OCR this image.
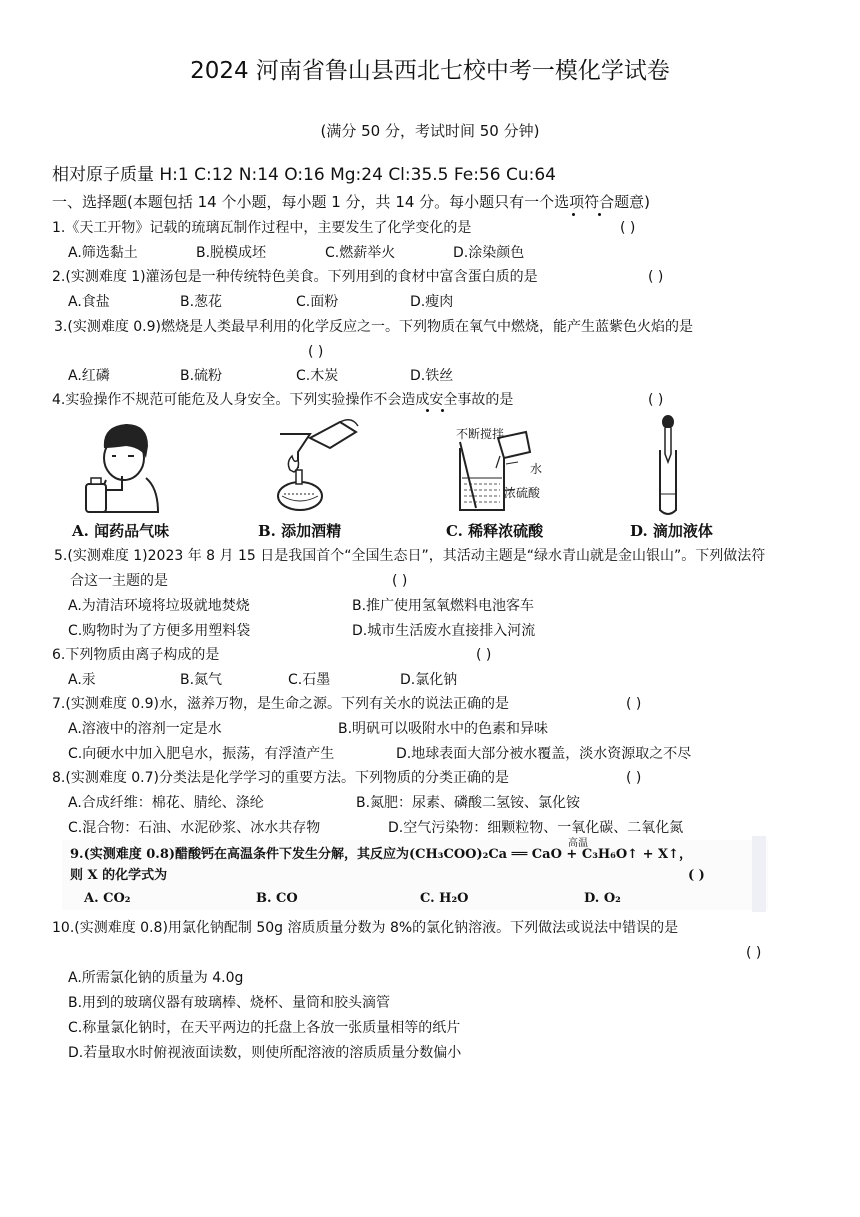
2024 河南省鲁山县西北七校中考一模化学试卷
(满分 50 分，考试时间 50 分钟)
相对原子质量 H:1 C:12 N:14 O:16 Mg:24 Cl:35.5 Fe:56 Cu:64
一、选择题(本题包括 14 个小题，每小题 1 分，共 14 分。每小题只有一个选项符合题意)
1.《天工开物》记载的琉璃瓦制作过程中，主要发生了化学变化的是	( )
A.筛选黏土	B.脱模成坯	C.燃薪举火	D.涂染颜色
2.(实测难度 1)灌汤包是一种传统特色美食。下列用到的食材中富含蛋白质的是	( )
A.食盐	B.葱花	C.面粉	D.瘦肉
3.(实测难度 0.9)燃烧是人类最早利用的化学反应之一。下列物质在氧气中燃烧，能产生蓝紫色火焰的是
( )
A.红磷	B.硫粉	C.木炭	D.铁丝
4.实验操作不规范可能危及人身安全。下列实验操作不会造成安全事故的是	( )
A. 闻药品气味	B. 添加酒精
不断搅拌
水
浓硫酸
C. 稀释浓硫酸	D. 滴加液体
5.(实测难度 1)2023 年 8 月 15 日是我国首个“全国生态日”，其活动主题是“绿水青山就是金山银山”。下列做法符
合这一主题的是	( )
A.为清洁环境将垃圾就地焚烧	B.推广使用氢氧燃料电池客车
C.购物时为了方便多用塑料袋	D.城市生活废水直接排入河流
6.下列物质由离子构成的是	( )
A.汞	B.氮气	C.石墨	D.氯化钠
7.(实测难度 0.9)水，滋养万物，是生命之源。下列有关水的说法正确的是	( )
A.溶液中的溶剂一定是水	B.明矾可以吸附水中的色素和异味
C.向硬水中加入肥皂水，振荡，有浮渣产生	D.地球表面大部分被水覆盖，淡水资源取之不尽
8.(实测难度 0.7)分类法是化学学习的重要方法。下列物质的分类正确的是	( )
A.合成纤维：棉花、腈纶、涤纶	B.氮肥：尿素、磷酸二氢铵、氯化铵
C.混合物：石油、水泥砂浆、冰水共存物	D.空气污染物：细颗粒物、一氧化碳、二氧化氮
9.(实测难度 0.8)醋酸钙在高温条件下发生分解，其反应为(CH₃COO)₂Ca ══ CaO + C₃H₆O↑ + X↑，
高温
则 X 的化学式为	( )
A. CO₂	B. CO	C. H₂O	D. O₂
10.(实测难度 0.8)用氯化钠配制 50g 溶质质量分数为 8%的氯化钠溶液。下列做法或说法中错误的是
( )
A.所需氯化钠的质量为 4.0g
B.用到的玻璃仪器有玻璃棒、烧杯、量筒和胶头滴管
C.称量氯化钠时，在天平两边的托盘上各放一张质量相等的纸片
D.若量取水时俯视液面读数，则使所配溶液的溶质质量分数偏小
